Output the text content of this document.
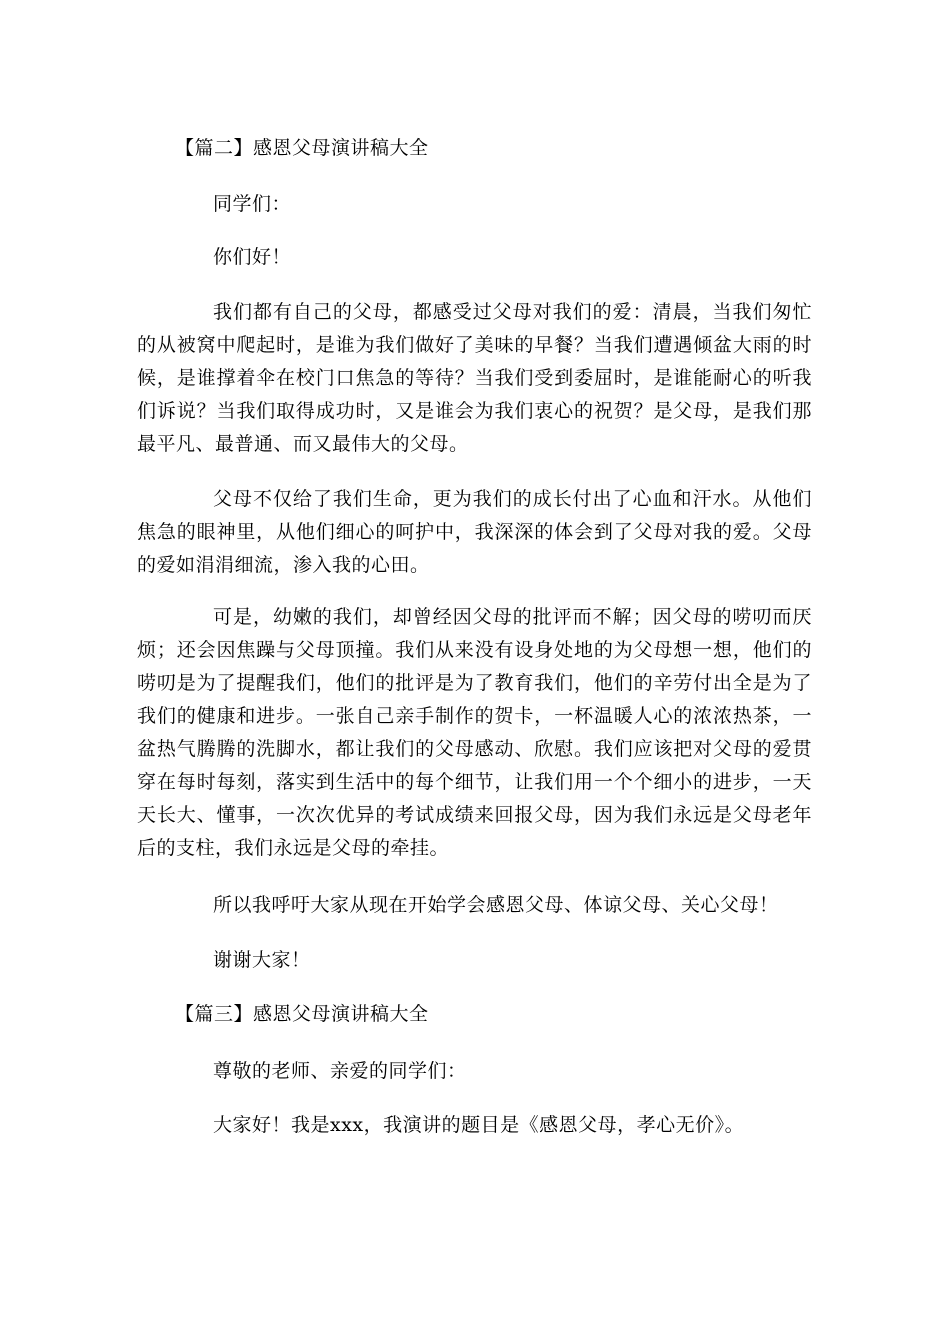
【篇二】感恩父母演讲稿大全

同学们：

你们好！

我们都有自己的父母，都感受过父母对我们的爱：清晨，当我们匆忙的从被窝中爬起时，是谁为我们做好了美味的早餐？当我们遭遇倾盆大雨的时候，是谁撑着伞在校门口焦急的等待？当我们受到委屈时，是谁能耐心的听我们诉说？当我们取得成功时，又是谁会为我们衷心的祝贺？是父母，是我们那最平凡、最普通、而又最伟大的父母。

父母不仅给了我们生命，更为我们的成长付出了心血和汗水。从他们焦急的眼神里，从他们细心的呵护中，我深深的体会到了父母对我的爱。父母的爱如涓涓细流，渗入我的心田。

可是，幼嫩的我们，却曾经因父母的批评而不解；因父母的唠叨而厌烦；还会因焦躁与父母顶撞。我们从来没有设身处地的为父母想一想，他们的唠叨是为了提醒我们，他们的批评是为了教育我们，他们的辛劳付出全是为了我们的健康和进步。一张自己亲手制作的贺卡，一杯温暖人心的浓浓热茶，一盆热气腾腾的洗脚水，都让我们的父母感动、欣慰。我们应该把对父母的爱贯穿在每时每刻，落实到生活中的每个细节，让我们用一个个细小的进步，一天天长大、懂事，一次次优异的考试成绩来回报父母，因为我们永远是父母老年后的支柱，我们永远是父母的牵挂。

所以我呼吁大家从现在开始学会感恩父母、体谅父母、关心父母！

谢谢大家！

【篇三】感恩父母演讲稿大全

尊敬的老师、亲爱的同学们：

大家好！我是xxx，我演讲的题目是《感恩父母，孝心无价》。
